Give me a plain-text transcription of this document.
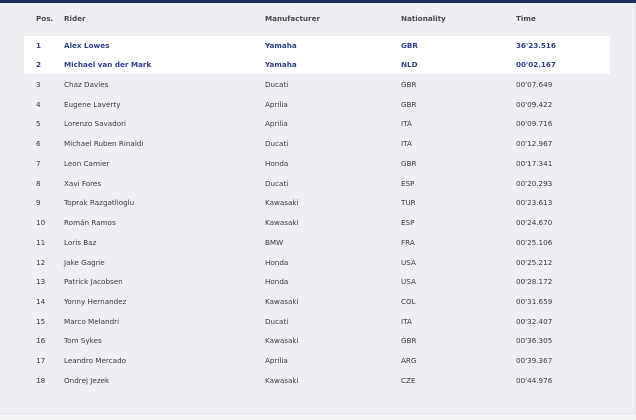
Pos. Rider	Manufacturer	Nationality	Time
1	Alex Lowes	Yamaha	GBR	36'23.516
2	Michael van der Mark	Yamaha	NLD	00'02.167
3	Chaz Davies	Ducati	GBR	00'07.649
4	Eugene Laverty	Aprilia	GBR	00'09.422
5	Lorenzo Savadori	Aprilia	ITA	00'09.716
6	Michael Ruben Rinaldi	Ducati	ITA	00'12.967
7	Leon Camier	Honda	GBR	00'17.341
8	Xavi Fores	Ducati	ESP	00'20.293
9	Toprak Razgatlioglu	Kawasaki	TUR	00'23.613
10	Román Ramos	Kawasaki	ESP	00'24.670
11	Loris Baz	BMW	FRA	00'25.106
12	Jake Gagne	Honda	USA	00'25.212
13	Patrick Jacobsen	Honda	USA	00'28.172
14	Yonny Hernandez	Kawasaki	COL	00'31.659
15	Marco Melandri	Ducati	ITA	00'32.407
16	Tom Sykes	Kawasaki	GBR	00'36.305
17	Leandro Mercado	Aprilia	ARG	00'39.367
18	Ondrej Jezek	Kawasaki	CZE	00'44.976
